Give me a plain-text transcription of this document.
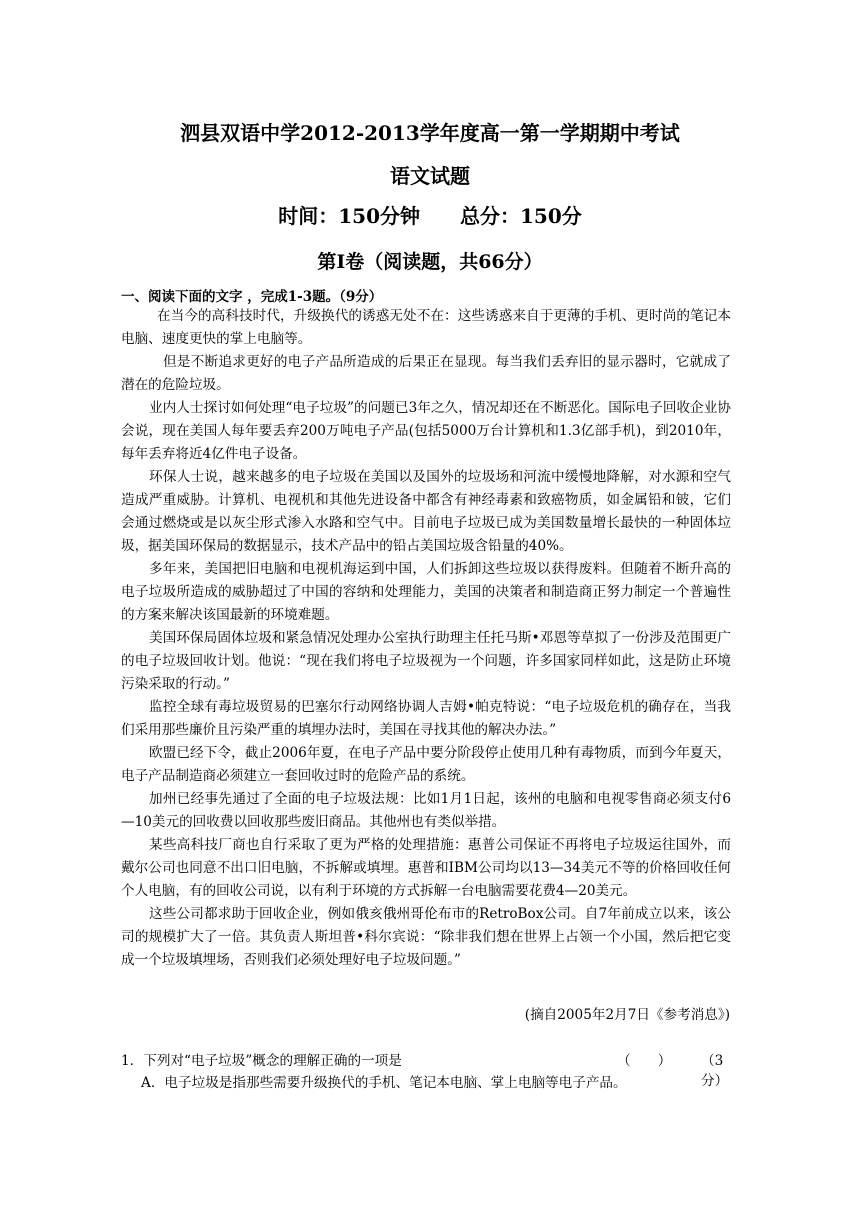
泗县双语中学2012-2013学年度高一第一学期期中考试
语文试题
时间：150分钟 总分：150分
第Ⅰ卷（阅读题，共66分）
一、阅读下面的文字 ，完成1-3题。（9分）

在当今的高科技时代，升级换代的诱惑无处不在：这些诱惑来自于更薄的手机、更时尚的笔记本电脑、速度更快的掌上电脑等。

但是不断追求更好的电子产品所造成的后果正在显现。每当我们丢弃旧的显示器时，它就成了潜在的危险垃圾。

业内人士探讨如何处理“电子垃圾”的问题已3年之久，情况却还在不断恶化。国际电子回收企业协会说，现在美国人每年要丢弃200万吨电子产品(包括5000万台计算机和1.3亿部手机)，到2010年，每年丢弃将近4亿件电子设备。

环保人士说，越来越多的电子垃圾在美国以及国外的垃圾场和河流中缓慢地降解，对水源和空气造成严重威胁。计算机、电视机和其他先进设备中都含有神经毒素和致癌物质，如金属铅和铍，它们会通过燃烧或是以灰尘形式渗入水路和空气中。目前电子垃圾已成为美国数量增长最快的一种固体垃圾，据美国环保局的数据显示，技术产品中的铅占美国垃圾含铅量的40%。

多年来，美国把旧电脑和电视机海运到中国，人们拆卸这些垃圾以获得废料。但随着不断升高的电子垃圾所造成的威胁超过了中国的容纳和处理能力，美国的决策者和制造商正努力制定一个普遍性的方案来解决该国最新的环境难题。

美国环保局固体垃圾和紧急情况处理办公室执行助理主任托马斯•邓恩等草拟了一份涉及范围更广的电子垃圾回收计划。他说：“现在我们将电子垃圾视为一个问题，许多国家同样如此，这是防止环境污染采取的行动。”

监控全球有毒垃圾贸易的巴塞尔行动网络协调人吉姆•帕克特说：“电子垃圾危机的确存在，当我们采用那些廉价且污染严重的填埋办法时，美国在寻找其他的解决办法。”

欧盟已经下令，截止2006年夏，在电子产品中要分阶段停止使用几种有毒物质，而到今年夏天，电子产品制造商必须建立一套回收过时的危险产品的系统。

加州已经事先通过了全面的电子垃圾法规：比如1月1日起，该州的电脑和电视零售商必须支付6—10美元的回收费以回收那些废旧商品。其他州也有类似举措。

某些高科技厂商也自行采取了更为严格的处理措施：惠普公司保证不再将电子垃圾运往国外，而戴尔公司也同意不出口旧电脑，不拆解或填埋。惠普和IBM公司均以13—34美元不等的价格回收任何个人电脑，有的回收公司说，以有利于环境的方式拆解一台电脑需要花费4—20美元。

这些公司都求助于回收企业，例如俄亥俄州哥伦布市的RetroBox公司。自7年前成立以来，该公司的规模扩大了一倍。其负责人斯坦普•科尔宾说：“除非我们想在世界上占领一个小国，然后把它变成一个垃圾填埋场，否则我们必须处理好电子垃圾问题。”

(摘自2005年2月7日《参考消息》)
1．下列对“电子垃圾”概念的理解正确的一项是	（　　） （3分）
A．电子垃圾是指那些需要升级换代的手机、笔记本电脑、掌上电脑等电子产品。
